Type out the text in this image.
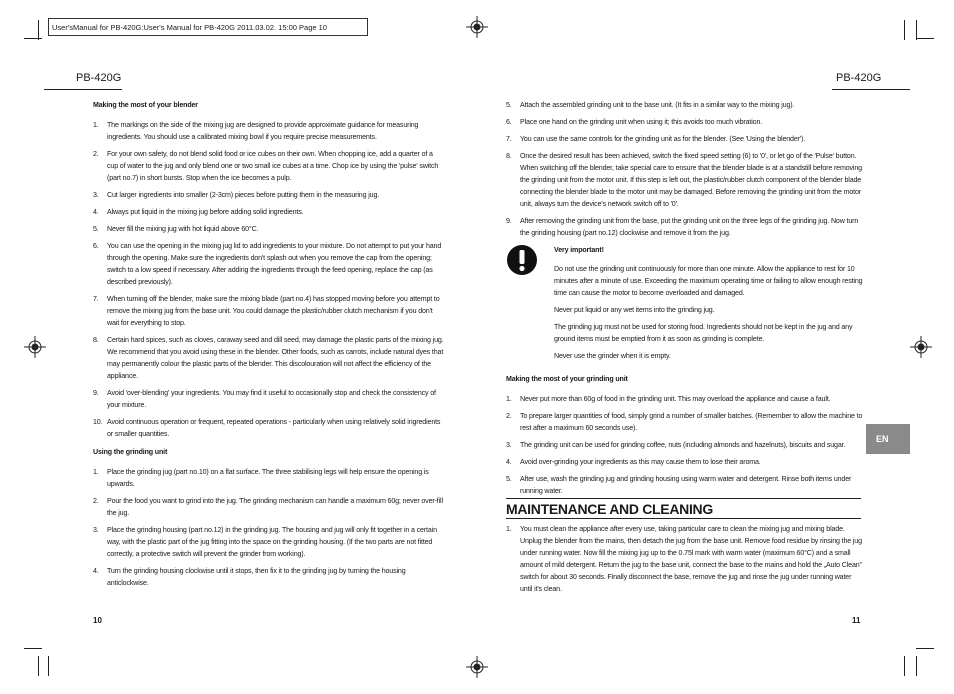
User'sManual for PB-420G:User's Manual for PB-420G 2011.03.02. 15:00 Page 10
PB-420G	PB-420G
Making the most of your blender
1.	The markings on the side of the mixing jug are designed to provide approximate guidance for measuring ingredients. You should use a calibrated mixing bowl if you require precise measurements.
2.	For your own safety, do not blend solid food or ice cubes on their own. When chopping ice, add a quarter of a cup of water to the jug and only blend one or two small ice cubes at a time. Chop ice by using the 'pulse' switch (part no.7) in short bursts. Stop when the ice becomes a pulp.
3.	Cut larger ingredients into smaller (2-3cm) pieces before putting them in the measuring jug.
4.	Always put liquid in the mixing jug before adding solid ingredients.
5.	Never fill the mixing jug with hot liquid above 60°C.
6.	You can use the opening in the mixing jug lid to add ingredients to your mixture. Do not attempt to put your hand through the opening. Make sure the ingredients don't splash out when you remove the cap from the opening; switch to a low speed if necessary. After adding the ingredients through the feed opening, replace the cap (as described previously).
7.	When turning off the blender, make sure the mixing blade (part no.4) has stopped moving before you attempt to remove the mixing jug from the base unit. You could damage the plastic/rubber clutch mechanism if you don't wait for everything to stop.
8.	Certain hard spices, such as cloves, caraway seed and dill seed, may damage the plastic parts of the mixing jug. We recommend that you avoid using these in the blender. Other foods, such as carrots, include natural dyes that may permanently colour the plastic parts of the blender. This discolouration will not affect the efficiency of the appliance.
9.	Avoid 'over-blending' your ingredients. You may find it useful to occasionally stop and check the consistency of your mixture.
10. Avoid continuous operation or frequent, repeated operations - particularly when using relatively solid ingredients or smaller quantities.
Using the grinding unit
1.	Place the grinding jug (part no.10) on a flat surface. The three stabilising legs will help ensure the opening is upwards.
2.	Pour the food you want to grind into the jug. The grinding mechanism can handle a maximum 60g; never over-fill the jug.
3.	Place the grinding housing (part no.12) in the grinding jug. The housing and jug will only fit together in a certain way, with the plastic part of the jug fitting into the space on the grinding housing. (If the two parts are not fitted correctly, a protective switch will prevent the grinder from working).
4.	Turn the grinding housing clockwise until it stops, then fix it to the grinding jug by turning the housing anticlockwise.
5.	Attach the assembled grinding unit to the base unit. (It fits in a similar way to the mixing jug).
6.	Place one hand on the grinding unit when using it; this avoids too much vibration.
7.	You can use the same controls for the grinding unit as for the blender. (See 'Using the blender').
8.	Once the desired result has been achieved, switch the fixed speed setting (6) to '0', or let go of the 'Pulse' button. When switching off the blender, take special care to ensure that the blender blade is at a standstill before removing the grinding unit from the motor unit. If this step is left out, the plastic/rubber clutch component of the blender blade connecting the blender blade to the motor unit may be damaged. Before removing the grinding unit from the motor unit, always turn the device's network switch off to '0'.
9.	After removing the grinding unit from the base, put the grinding unit on the three legs of the grinding jug. Now turn the grinding housing (part no.12) clockwise and remove it from the jug.

Very important!

Do not use the grinding unit continuously for more than one minute. Allow the appliance to rest for 10 minutes after a minute of use. Exceeding the maximum operating time or failing to allow enough resting time can cause the motor to become overloaded and damaged.

Never put liquid or any wet items into the grinding jug.

The grinding jug must not be used for storing food. Ingredients should not be kept in the jug and any ground items must be emptied from it as soon as grinding is complete.

Never use the grinder when it is empty.

Making the most of your grinding unit
1.	Never put more than 60g of food in the grinding unit. This may overload the appliance and cause a fault.
2.	To prepare larger quantities of food, simply grind a number of smaller batches. (Remember to allow the machine to rest after a maximum 60 seconds use).
3.	The grinding unit can be used for grinding coffee, nuts (including almonds and hazelnuts), biscuits and sugar.
4.	Avoid over-grinding your ingredients as this may cause them to lose their aroma.
5.	After use, wash the grinding jug and grinding housing using warm water and detergent. Rinse both items under running water.
MAINTENANCE AND CLEANING
1.	You must clean the appliance after every use, taking particular care to clean the mixing jug and mixing blade. Unplug the blender from the mains, then detach the jug from the base unit. Remove food residue by rinsing the jug under running water. Now fill the mixing jug up to the 0.75l mark with warm water (maximum 60°C) and a small amount of mild detergent. Return the jug to the base unit, connect the base to the mains and hold the „Auto Clean” switch for about 30 seconds. Finally disconnect the base, remove the jug and rinse the jug under running water until it's clean.
EN
10	11
